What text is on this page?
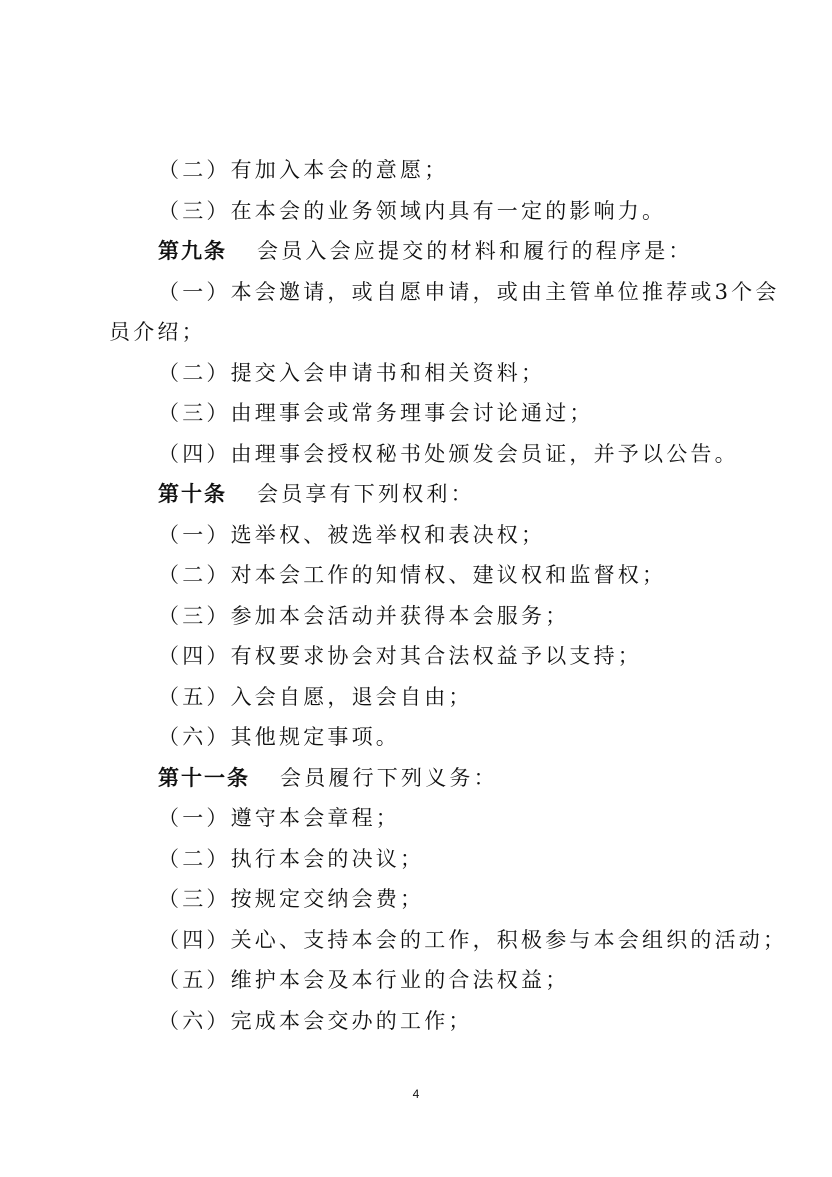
（二）有加入本会的意愿；
（三）在本会的业务领域内具有一定的影响力。
第九条 会员入会应提交的材料和履行的程序是：
（一）本会邀请，或自愿申请，或由主管单位推荐或3个会
员介绍；
（二）提交入会申请书和相关资料；
（三）由理事会或常务理事会讨论通过；
（四）由理事会授权秘书处颁发会员证，并予以公告。
第十条 会员享有下列权利：
（一）选举权、被选举权和表决权；
（二）对本会工作的知情权、建议权和监督权；
（三）参加本会活动并获得本会服务；
（四）有权要求协会对其合法权益予以支持；
（五）入会自愿，退会自由；
（六）其他规定事项。
第十一条 会员履行下列义务：
（一）遵守本会章程；
（二）执行本会的决议；
（三）按规定交纳会费；
（四）关心、支持本会的工作，积极参与本会组织的活动；
（五）维护本会及本行业的合法权益；
（六）完成本会交办的工作；
4
